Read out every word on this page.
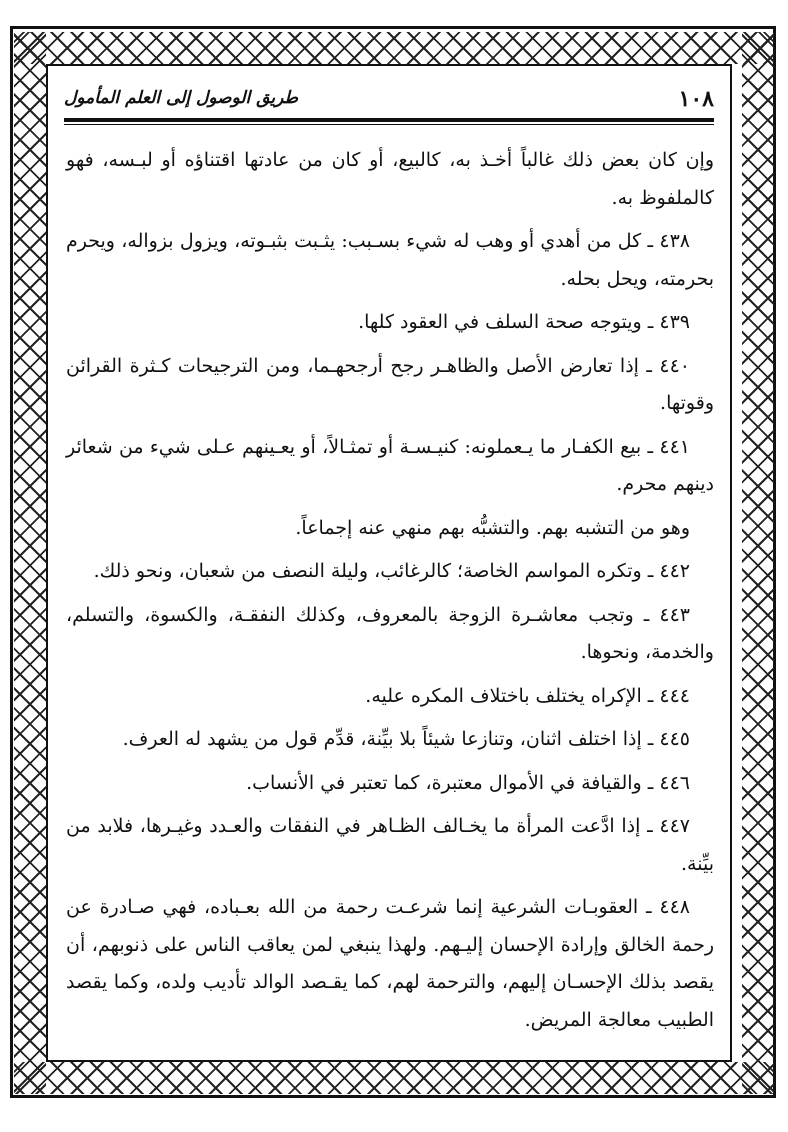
١٠٨
طريق الوصول إلى العلم المأمول

وإن كان بعض ذلك غالباً أخـذ به، كالبيع، أو كان من عادتها اقتناؤه أو لبـسه، فهو كالملفوظ به.

٤٣٨ ـ كل من أهدي أو وهب له شيء بسـبب: يثـبت بثبـوته، ويزول بزواله، ويحرم بحرمته، ويحل بحله.

٤٣٩ ـ ويتوجه صحة السلف في العقود كلها.

٤٤٠ ـ إذا تعارض الأصل والظاهـر رجح أرجحهـما، ومن الترجيحات كـثرة القرائن وقوتها.

٤٤١ ـ بيع الكفـار ما يـعملونه: كنيـسـة أو تمثـالاً، أو يعـينهم عـلى شيء من شعائر دينهم محرم.

وهو من التشبه بهم. والتشبُّه بهم منهي عنه إجماعاً.

٤٤٢ ـ وتكره المواسم الخاصة؛ كالرغائب، وليلة النصف من شعبان، ونحو ذلك.

٤٤٣ ـ وتجب معاشـرة الزوجة بالمعروف، وكذلك النفقـة، والكسوة، والتسلم، والخدمة، ونحوها.

٤٤٤ ـ الإكراه يختلف باختلاف المكره عليه.

٤٤٥ ـ إذا اختلف اثنان، وتنازعا شيئاً بلا بيِّنة، قدِّم قول من يشهد له العرف.

٤٤٦ ـ والقيافة في الأموال معتبرة، كما تعتبر في الأنساب.

٤٤٧ ـ إذا ادَّعت المرأة ما يخـالف الظـاهر في النفقات والعـدد وغيـرها، فلابد من بيِّنة.

٤٤٨ ـ العقوبـات الشرعية إنما شرعـت رحمة من الله بعـباده، فهي صـادرة عن رحمة الخالق وإرادة الإحسان إليـهم. ولهذا ينبغي لمن يعاقب الناس على ذنوبهم، أن يقصد بذلك الإحسـان إليهم، والترحمة لهم، كما يقـصد الوالد تأديب ولده، وكما يقصد الطبيب معالجة المريض.
